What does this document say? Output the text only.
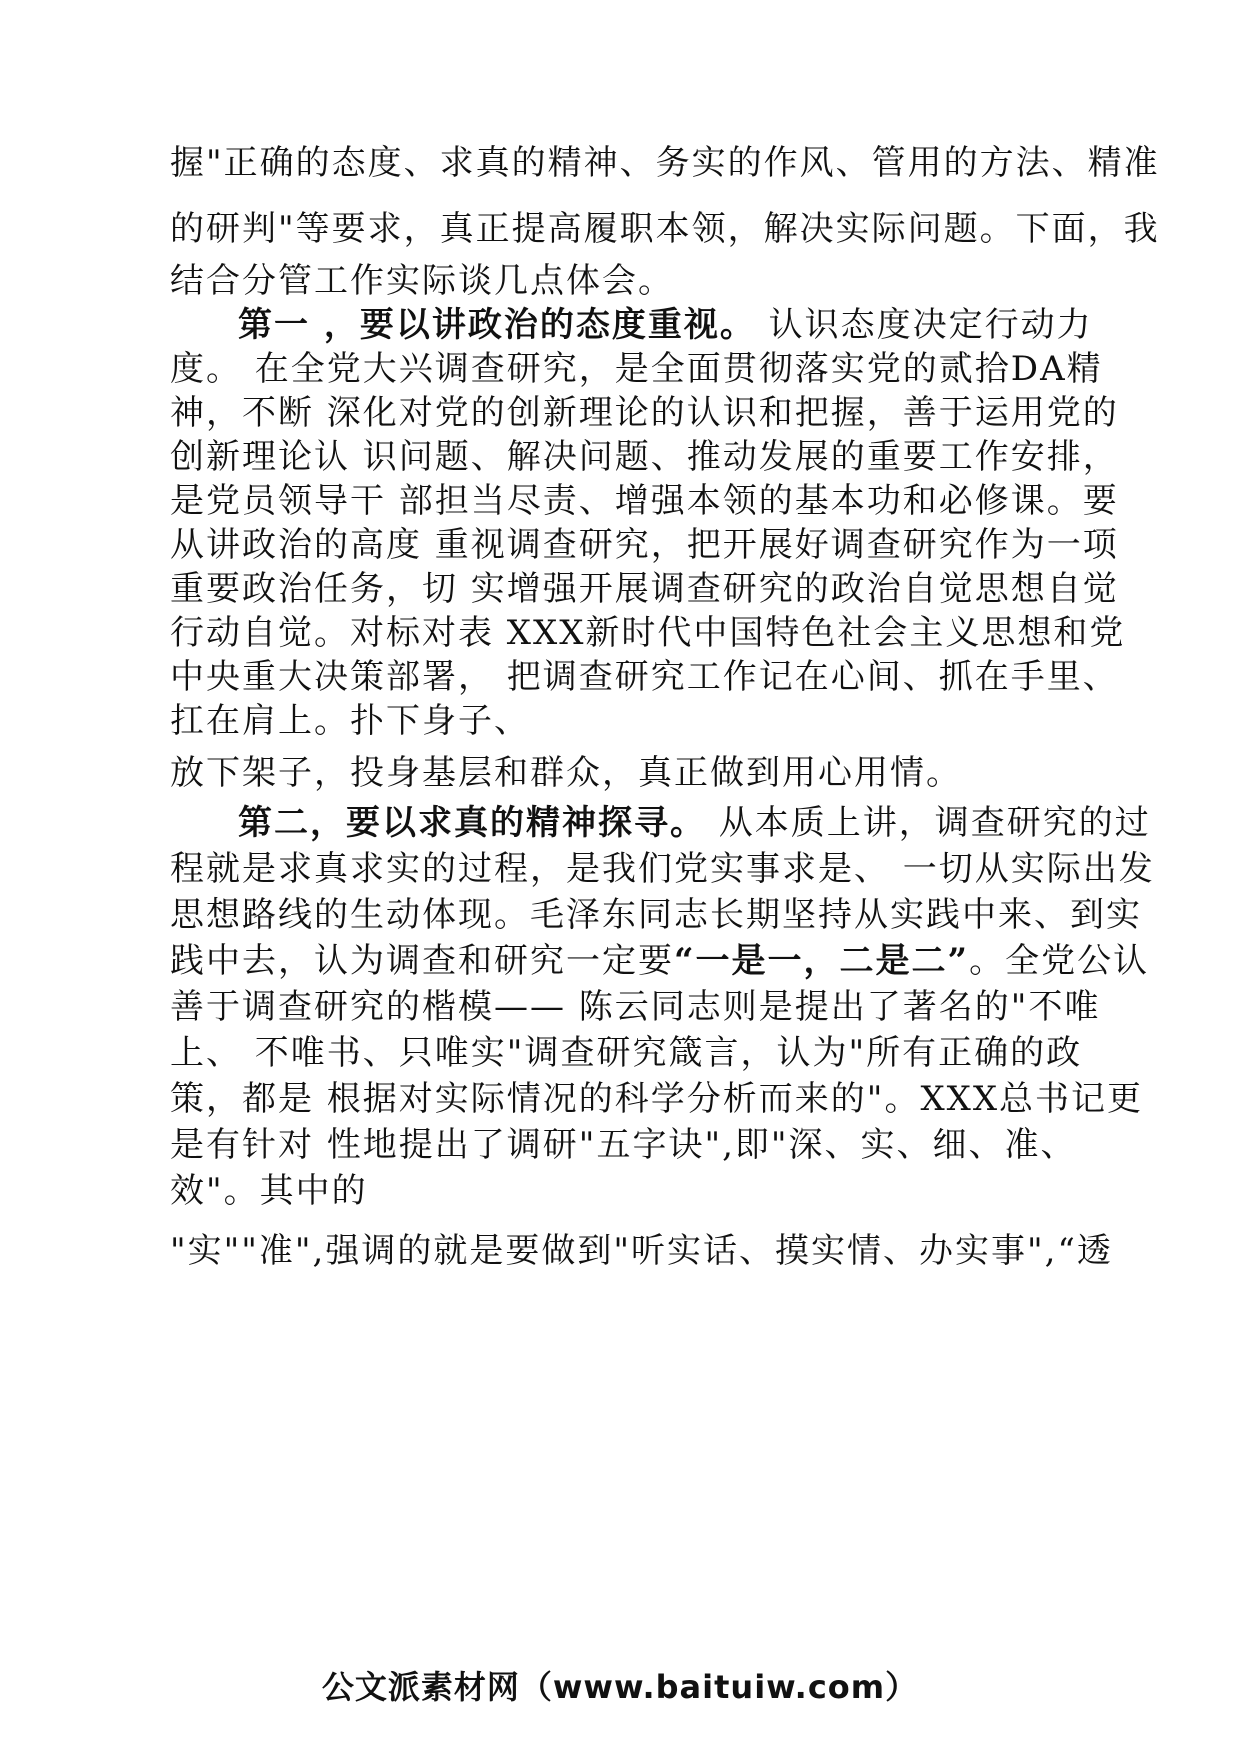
握"正确的态度、求真的精神、务实的作风、管用的方法、精准
的研判"等要求，真正提高履职本领，解决实际问题。下面，我
结合分管工作实际谈几点体会。
第一 ，要以讲政治的态度重视。 认识态度决定行动力
度。 在全党大兴调查研究，是全面贯彻落实党的贰拾DA精
神，不断 深化对党的创新理论的认识和把握，善于运用党的
创新理论认 识问题、解决问题、推动发展的重要工作安排，
是党员领导干 部担当尽责、增强本领的基本功和必修课。要
从讲政治的高度 重视调查研究，把开展好调查研究作为一项
重要政治任务，切 实增强开展调查研究的政治自觉思想自觉
行动自觉。对标对表 XXX新时代中国特色社会主义思想和党
中央重大决策部署， 把调查研究工作记在心间、抓在手里、
扛在肩上。扑下身子、
放下架子，投身基层和群众，真正做到用心用情。
第二，要以求真的精神探寻。 从本质上讲，调查研究的过
程就是求真求实的过程，是我们党实事求是、 一切从实际出发
思想路线的生动体现。毛泽东同志长期坚持从实践中来、到实
践中去，认为调查和研究一定要“一是一，二是二”。全党公认
善于调查研究的楷模—— 陈云同志则是提出了著名的"不唯
上、 不唯书、只唯实"调查研究箴言，认为"所有正确的政
策，都是 根据对实际情况的科学分析而来的"。XXX总书记更
是有针对 性地提出了调研"五字诀",即"深、实、细、准、
效"。其中的
"实""准",强调的就是要做到"听实话、摸实情、办实事",“透
公文派素材网（www.baituiw.com）
